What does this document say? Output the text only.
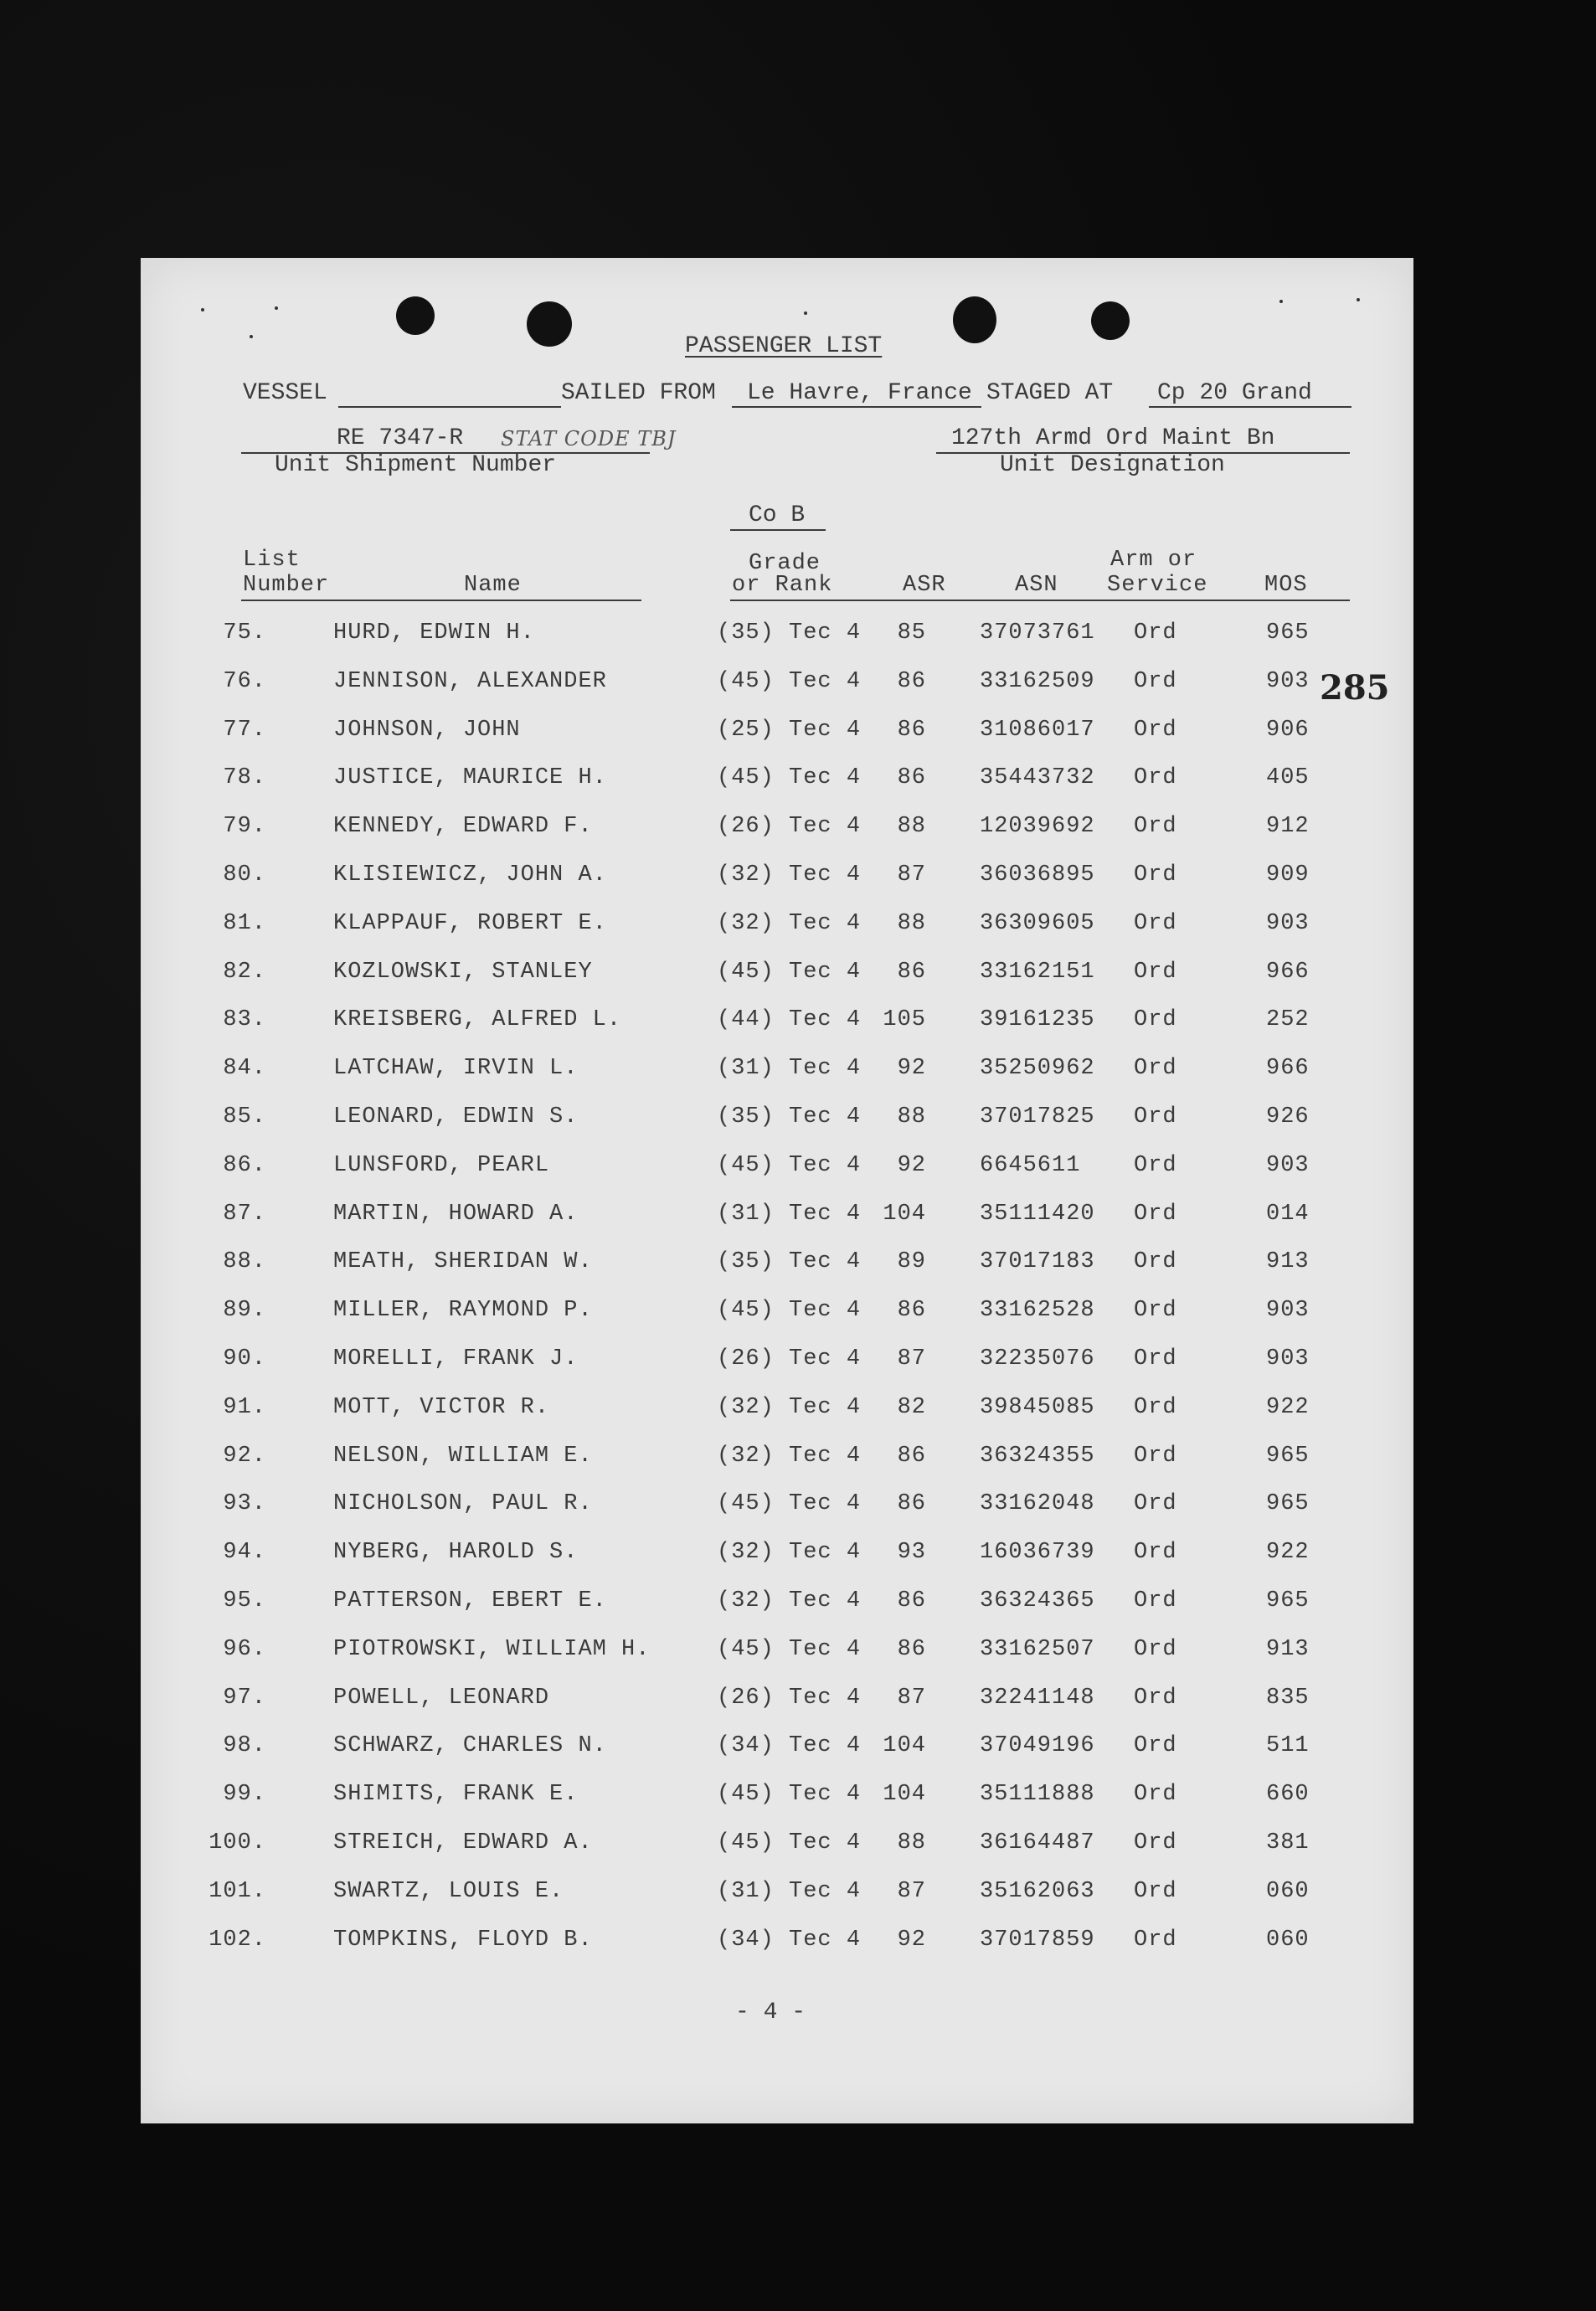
PASSENGER LIST
VESSEL	SAILED FROM Le Havre, France STAGED AT Cp 20 Grand
RE 7347-R STAT CODE TBJ
Unit Shipment Number
127th Armd Ord Maint Bn
Unit Designation
Co B
285
List
Number	Name
Grade
or Rank	ASR	ASN
Arm or
Service	MOS
75.	HURD, EDWIN H.	(35) Tec 4	85 37073761 Ord	965
76.	JENNISON, ALEXANDER	(45) Tec 4	86 33162509 Ord	903
77.	JOHNSON, JOHN	(25) Tec 4	86 31086017 Ord	906
78.	JUSTICE, MAURICE H.	(45) Tec 4	86 35443732 Ord	405
79.	KENNEDY, EDWARD F.	(26) Tec 4	88 12039692 Ord	912
80.	KLISIEWICZ, JOHN A.	(32) Tec 4	87 36036895 Ord	909
81.	KLAPPAUF, ROBERT E.	(32) Tec 4	88 36309605 Ord	903
82.	KOZLOWSKI, STANLEY	(45) Tec 4	86 33162151 Ord	966
83.	KREISBERG, ALFRED L.	(44) Tec 4 105 39161235 Ord	252
84.	LATCHAW, IRVIN L.	(31) Tec 4	92 35250962 Ord	966
85.	LEONARD, EDWIN S.	(35) Tec 4	88 37017825 Ord	926
86.	LUNSFORD, PEARL	(45) Tec 4	92 6645611 Ord	903
87.	MARTIN, HOWARD A.	(31) Tec 4 104 35111420 Ord	014
88.	MEATH, SHERIDAN W.	(35) Tec 4	89 37017183 Ord	913
89.	MILLER, RAYMOND P.	(45) Tec 4	86 33162528 Ord	903
90.	MORELLI, FRANK J.	(26) Tec 4	87 32235076 Ord	903
91.	MOTT, VICTOR R.	(32) Tec 4	82 39845085 Ord	922
92.	NELSON, WILLIAM E.	(32) Tec 4	86 36324355 Ord	965
93.	NICHOLSON, PAUL R.	(45) Tec 4	86 33162048 Ord	965
94.	NYBERG, HAROLD S.	(32) Tec 4	93 16036739 Ord	922
95.	PATTERSON, EBERT E.	(32) Tec 4	86 36324365 Ord	965
96.	PIOTROWSKI, WILLIAM H.	(45) Tec 4	86 33162507 Ord	913
97.	POWELL, LEONARD	(26) Tec 4	87 32241148 Ord	835
98.	SCHWARZ, CHARLES N.	(34) Tec 4 104 37049196 Ord	511
99.	SHIMITS, FRANK E.	(45) Tec 4 104 35111888 Ord	660
100.	STREICH, EDWARD A.	(45) Tec 4	88 36164487 Ord	381
101.	SWARTZ, LOUIS E.	(31) Tec 4	87 35162063 Ord	060
102.	TOMPKINS, FLOYD B.	(34) Tec 4	92 37017859 Ord	060
- 4 -
